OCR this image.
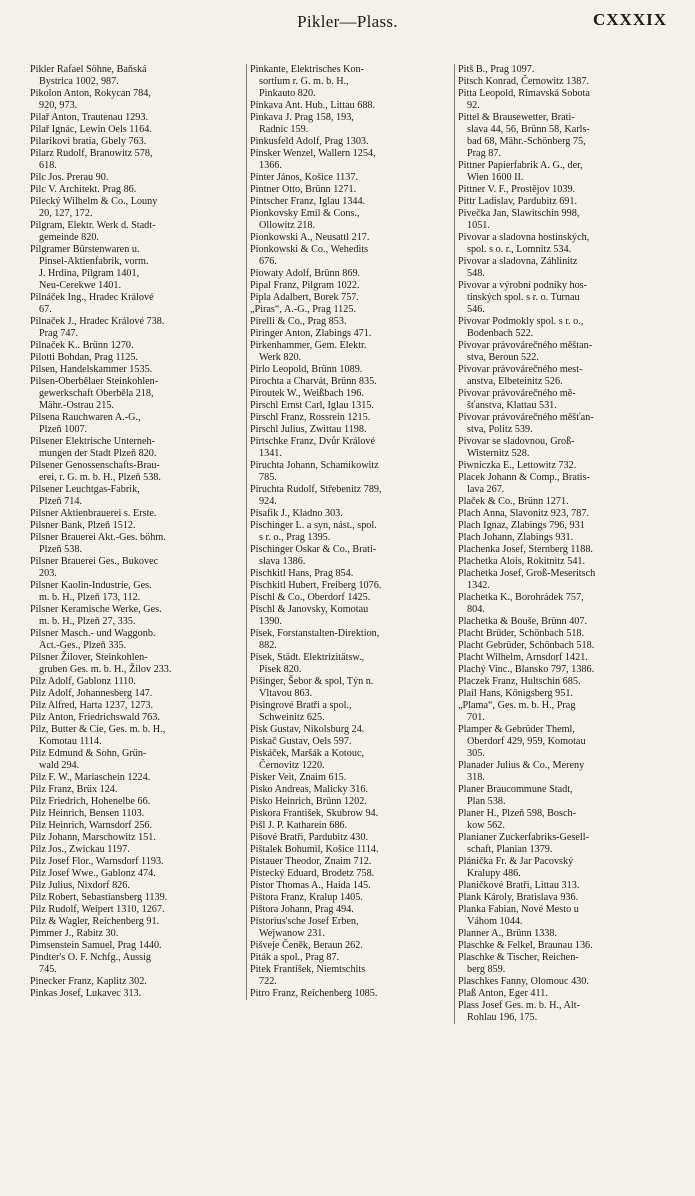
Pikler—Plass.	CXXXIX
Pikler Rafael Söhne, Baňská
Bystrica 1002, 987.
Pikolon Anton, Rokycan 784,
920, 973.
Pilař Anton, Trautenau 1293.
Pilař Ignác, Lewin Oels 1164.
Pilarikovi bratia, Gbely 763.
Pilarz Rudolf, Branowitz 578,
618.
Pilc Jos. Prerau 90.
Pilc V. Architekt. Prag 86.
Pilecký Wilhelm & Co., Louny
20, 127, 172.
Pilgram, Elektr. Werk d. Stadt-
gemeinde 820.
Pilgramer Bürstenwaren u.
Pinsel-Aktienfabrik, vorm.
J. Hrdina, Pilgram 1401,
Neu-Cerekwe 1401.
Pilnáček Ing., Hradec Králové
67.
Pilnaček J., Hradec Králové 738.
Prag 747.
Pilnaček K.. Brünn 1270.
Pilotti Bohdan, Prag 1125.
Pilsen, Handelskammer 1535.
Pilsen-Oberbělaer Steinkohlen-
gewerkschaft Oberběla 218,
Mähr.-Ostrau 215.
Pilsena Rauchwaren A.-G.,
Plzeň 1007.
Pilsener Elektrische Unterneh-
mungen der Stadt Plzeň 820.
Pilsener Genossenschafts-Brau-
erei, r. G. m. b. H., Plzeň 538.
Pilsener Leuchtgas-Fabrik,
Plzeň 714.
Pilsner Aktienbrauerei s. Erste.
Pilsner Bank, Plzeň 1512.
Pilsner Brauerei Akt.-Ges. böhm.
Plzeň 538.
Pilsner Brauerei Ges., Bukovec
203.
Pilsner Kaolin-Industrie, Ges.
m. b. H., Plzeň 173, 112.
Pilsner Keramische Werke, Ges.
m. b. H., Plzeň 27, 335.
Pilsner Masch.- und Waggonb.
Act.-Ges., Plzeň 335.
Pilsner Žilover, Steinkohlen-
gruben Ges. m. b. H., Žilov 233.
Pilz Adolf, Gablonz 1110.
Pilz Adolf, Johannesberg 147.
Pilz Alfred, Harta 1237, 1273.
Pilz Anton, Friedrichswald 763.
Pilz, Butter & Cie, Ges. m. b. H.,
Komotau 1114.
Pilz Edmund & Sohn, Grün-
wald 294.
Pilz F. W., Mariaschein 1224.
Pilz Franz, Brüx 124.
Pilz Friedrich, Hohenelbe 66.
Pilz Heinrich, Bensen 1103.
Pilz Heinrich, Warnsdorf 256.
Pilz Johann, Marschowitz 151.
Pilz Jos., Zwickau 1197.
Pilz Josef Flor., Warnsdorf 1193.
Pilz Josef Wwe., Gablonz 474.
Pilz Julius, Nixdorf 826.
Pilz Robert, Sebastiansberg 1139.
Pilz Rudolf, Weipert 1310, 1267.
Pilz & Wagler, Reichenberg 91.
Pimmer J., Rabitz 30.
Pimsenstein Samuel, Prag 1440.
Pindter's O. F. Nchfg., Aussig
745.
Pinecker Franz, Kaplitz 302.
Pinkas Josef, Lukavec 313.
Pinkante, Elektrisches Kon-
sortium r. G. m. b. H.,
Pinkauto 820.
Pinkava Ant. Hub., Littau 688.
Pinkava J. Prag 158, 193,
Radnic 159.
Pinkusfeld Adolf, Prag 1303.
Pinsker Wenzel, Wallern 1254,
1366.
Pinter János, Košice 1137.
Pintner Otto, Brünn 1271.
Pintscher Franz, Iglau 1344.
Pionkovsky Emil & Cons.,
Ollowitz 218.
Pionkowski A., Neusattl 217.
Pionkowski & Co., Wehedits
676.
Piowaty Adolf, Brünn 869.
Pipal Franz, Pilgram 1022.
Pipla Adalbert, Borek 757.
„Piras“, A.-G., Prag 1125.
Pirelli & Co., Prag 853.
Piringer Anton, Zlabings 471.
Pirkenhammer, Gem. Elektr.
Werk 820.
Pirlo Leopold, Brünn 1089.
Pirochta a Charvát, Brünn 835.
Piroutek W., Weißbach 196.
Pirschl Ernst Carl, Iglau 1315.
Pirschl Franz, Rossrein 1215.
Pirschl Julius, Zwittau 1198.
Pirtschke Franz, Dvůr Králové
1341.
Piruchta Johann, Schamikowitz
785.
Piruchta Rudolf, Střebenitz 789,
924.
Pisafik J., Kladno 303.
Pischinger L. a syn, nást., spol.
s r. o., Prag 1395.
Pischinger Oskar & Co., Brati-
slava 1386.
Pischkitl Hans, Prag 854.
Pischkitl Hubert, Freiberg 1076.
Pischl & Co., Oberdorf 1425.
Pischl & Janovsky, Komotau
1390.
Pisek, Forstanstalten-Direktion,
882.
Pisek, Städt. Elektrizitätsw.,
Pisek 820.
Pišinger, Šebor & spol, Týn n.
Vltavou 863.
Pisingrové Bratři a spol.,
Schweinitz 625.
Pisk Gustav, Nikolsburg 24.
Piskač Gustav, Oels 597.
Piskáček, Maršák a Kotouc,
Černovitz 1220.
Pisker Veit, Znaim 615.
Pisko Andreas, Malicky 316.
Pisko Heinrich, Brünn 1202.
Piskora František, Skubrow 94.
Pišl J. P. Katharein 686.
Pišové Bratři, Pardubitz 430.
Pištalek Bohumil, Košice 1114.
Pistauer Theodor, Znaim 712.
Pistecký Eduard, Brodetz 758.
Pistor Thomas A., Haida 145.
Pištora Franz, Kralup 1405.
Pištora Johann, Prag 494.
Pistorius'sche Josef Erben,
Wejwanow 231.
Pišveje Čeněk, Beraun 262.
Piták a spol., Prag 87.
Pitek František, Niemtschits
722.
Pitro Franz, Reichenberg 1085.
Pitš B., Prag 1097.
Pitsch Konrad, Černowitz 1387.
Pitta Leopold, Rimavská Sobota
92.
Pittel & Brausewetter, Brati-
slava 44, 56, Brünn 58, Karls-
bad 68, Mähr.-Schönberg 75,
Prag 87.
Pittner Papierfabrik A. G., der,
Wien 1600 II.
Pittner V. F., Prostějov 1039.
Pittr Ladislav, Pardubitz 691.
Pivečka Jan, Slawitschin 998,
1051.
Pivovar a sladovna hostinských,
spol. s o. r., Lomnitz 534.
Pivovar a sladovna, Záhlinitz
548.
Pivovar a výrobní podniky hos-
tinských spol. s r. o. Turnau
546.
Pivovar Podmokly spol. s r. o.,
Bodenbach 522.
Pivovar právovárečného měštan-
stva, Beroun 522.
Pivovar právovárečného mest-
anstva, Elbeteinitz 526.
Pivovar právovárečného mě-
šťanstva, Klattau 531.
Pivovar právovárečného měšťan-
stva, Politz 539.
Pivovar se sladovnou, Groß-
Wisternitz 528.
Piwniczka E., Lettowitz 732.
Placek Johann & Comp., Bratis-
lava 267.
Plaček & Co., Brünn 1271.
Plach Anna, Slavonitz 923, 787.
Plach Ignaz, Zlabings 796, 931
Plach Johann, Zlabings 931.
Plachenka Josef, Sternberg 1188.
Plachetka Alois, Rokitnitz 541.
Plachetka Josef, Groß-Meseritsch
1342.
Plachetka K., Borohrádek 757,
804.
Plachetka & Bouše, Brünn 407.
Placht Brüder, Schönbach 518.
Placht Gebrüder, Schönbach 518.
Placht Wilhelm, Arnsdorf 1421.
Plachý Vinc., Blansko 797, 1386.
Placzek Franz, Hultschin 685.
Plail Hans, Königsberg 951.
„Plama“, Ges. m. b. H., Prag
701.
Plamper & Gebrüder Theml,
Oberdorf 429, 959, Komotau
305.
Planader Julius & Co., Mereny
318.
Planer Braucommune Stadt,
Plan 538.
Planer H., Plzeň 598, Bosch-
kow 562.
Planianer Zuckerfabriks-Gesell-
schaft, Planian 1379.
Plánička Fr. & Jar Pacovský
Kralupy 486.
Planičkové Bratři, Littau 313.
Plank Károly, Bratislava 936.
Planka Fabian, Nové Mesto u
Váhom 1044.
Planner A., Brünn 1338.
Plaschke & Felkel, Braunau 136.
Plaschke & Tischer, Reichen-
berg 859.
Plaschkes Fanny, Olomouc 430.
Plaß Anton, Eger 411.
Plass Josef Ges. m. b. H., Alt-
Rohlau 196, 175.
